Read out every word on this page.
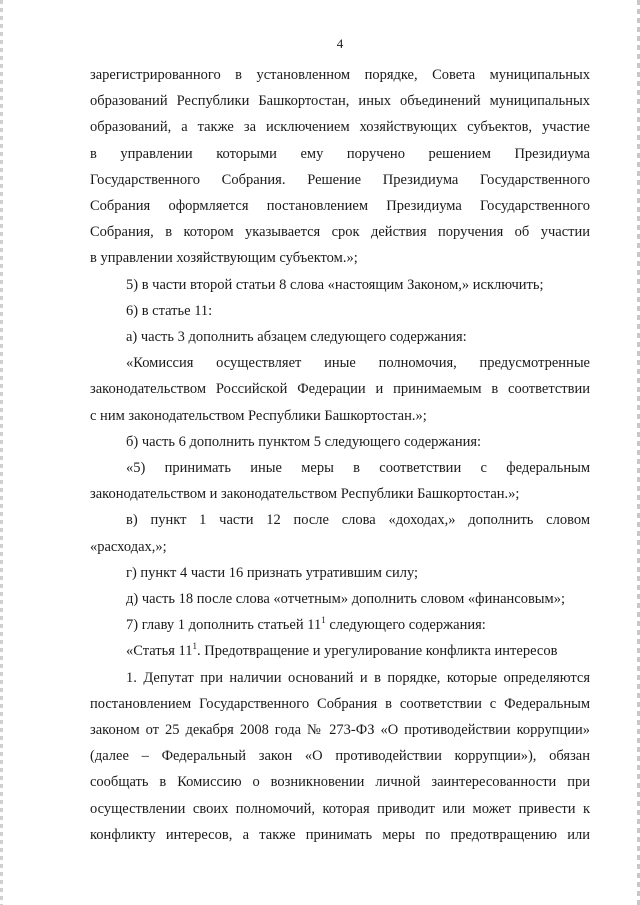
4

зарегистрированного в установленном порядке, Совета муниципальных

образований Республики Башкортостан, иных объединений муниципальных

образований, а также за исключением хозяйствующих субъектов, участие

в управлении которыми ему поручено решением Президиума

Государственного Собрания. Решение Президиума Государственного

Собрания оформляется постановлением Президиума Государственного

Собрания, в котором указывается срок действия поручения об участии

в управлении хозяйствующим субъектом.»;

5) в части второй статьи 8 слова «настоящим Законом,» исключить;

6) в статье 11:

а) часть 3 дополнить абзацем следующего содержания:

«Комиссия осуществляет иные полномочия, предусмотренные

законодательством Российской Федерации и принимаемым в соответствии

с ним законодательством Республики Башкортостан.»;

б) часть 6 дополнить пунктом 5 следующего содержания:

«5) принимать иные меры в соответствии с федеральным

законодательством и законодательством Республики Башкортостан.»;

в) пункт 1 части 12 после слова «доходах,» дополнить словом

«расходах,»;

г) пункт 4 части 16 признать утратившим силу;

д) часть 18 после слова «отчетным» дополнить словом «финансовым»;

7) главу 1 дополнить статьей $11^1$ следующего содержания:

«Статья $11^1$. Предотвращение и урегулирование конфликта интересов

1. Депутат при наличии оснований и в порядке, которые определяются

постановлением Государственного Собрания в соответствии с Федеральным

законом от 25 декабря 2008 года № 273-ФЗ «О противодействии коррупции»

(далее – Федеральный закон «О противодействии коррупции»), обязан

сообщать в Комиссию о возникновении личной заинтересованности при

осуществлении своих полномочий, которая приводит или может привести к

конфликту интересов, а также принимать меры по предотвращению или
